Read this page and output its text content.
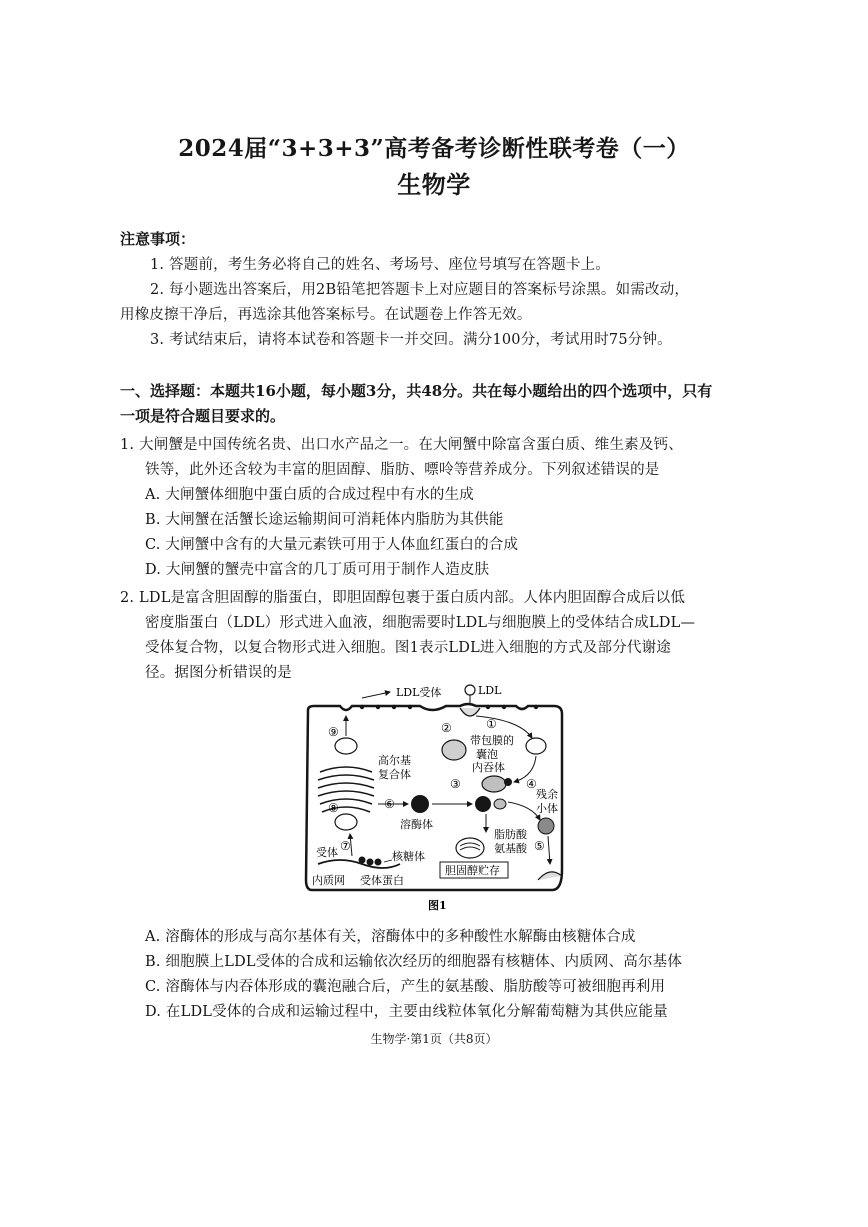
2024届“3+3+3”高考备考诊断性联考卷（一）
生物学
注意事项：
1. 答题前，考生务必将自己的姓名、考场号、座位号填写在答题卡上。
2. 每小题选出答案后，用2B铅笔把答题卡上对应题目的答案标号涂黑。如需改动，
用橡皮擦干净后，再选涂其他答案标号。在试题卷上作答无效。
3. 考试结束后，请将本试卷和答题卡一并交回。满分100分，考试用时75分钟。
一、选择题：本题共16小题，每小题3分，共48分。共在每小题给出的四个选项中，只有
一项是符合题目要求的。
1. 大闸蟹是中国传统名贵、出口水产品之一。在大闸蟹中除富含蛋白质、维生素及钙、
铁等，此外还含较为丰富的胆固醇、脂肪、嘌呤等营养成分。下列叙述错误的是
A. 大闸蟹体细胞中蛋白质的合成过程中有水的生成
B. 大闸蟹在活蟹长途运输期间可消耗体内脂肪为其供能
C. 大闸蟹中含有的大量元素铁可用于人体血红蛋白的合成
D. 大闸蟹的蟹壳中富含的几丁质可用于制作人造皮肤
2. LDL是富含胆固醇的脂蛋白，即胆固醇包裹于蛋白质内部。人体内胆固醇合成后以低
密度脂蛋白（LDL）形式进入血液，细胞需要时LDL与细胞膜上的受体结合成LDL—
受体复合物，以复合物形式进入细胞。图1表示LDL进入细胞的方式及部分代谢途
径。据图分析错误的是
LDL受体	LDL
①
②
带包膜的
囊泡
内吞体
③	④
⑨
高尔基
复合体
⑧	⑥
溶酶体
残余
小体
⑤
脂肪酸
氨基酸
胆固醇贮存
⑦
受体	核糖体
内质网 受体蛋白
图1
A. 溶酶体的形成与高尔基体有关，溶酶体中的多种酸性水解酶由核糖体合成
B. 细胞膜上LDL受体的合成和运输依次经历的细胞器有核糖体、内质网、高尔基体
C. 溶酶体与内吞体形成的囊泡融合后，产生的氨基酸、脂肪酸等可被细胞再利用
D. 在LDL受体的合成和运输过程中，主要由线粒体氧化分解葡萄糖为其供应能量
生物学·第1页（共8页）
